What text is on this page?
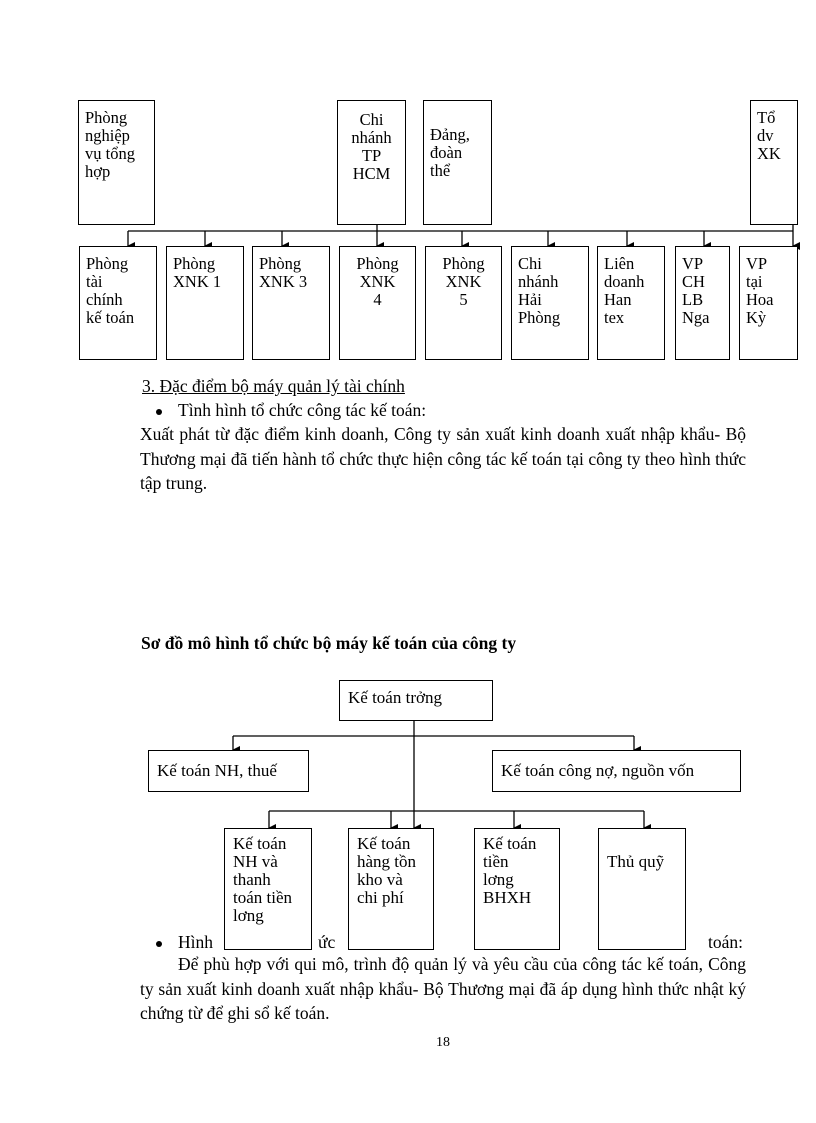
Phòng
nghiệp
vụ tổng
hợp
Chi
nhánh
TP
HCM
Đảng,
đoàn
thể
Tổ
dv
XK
Phòng
tài
chính
kế toán
Phòng
XNK 1
Phòng
XNK 3
Phòng
XNK
4
Phòng
XNK
5
Chi
nhánh
Hải
Phòng
Liên
doanh
Han
tex
VP
CH
LB
Nga
VP
tại
Hoa
Kỳ
3. Đặc điểm bộ máy quản lý tài chính
Tình hình tổ chức công tác kế toán:
Xuất phát từ đặc điểm kinh doanh, Công ty sản xuất kinh doanh xuất nhập khẩu- Bộ Thương mại đã tiến hành tổ chức thực hiện công tác kế toán tại công ty theo hình thức tập trung.
Sơ đồ mô hình tổ chức bộ máy kế toán của công ty
Kế toán trởng
Kế toán NH, thuế	Kế toán công nợ, nguồn vốn
Hình	ức	toán:
Kế toán
NH và
thanh
toán tiền
lơng
Kế toán
hàng tồn
kho và
chi phí
Kế toán
tiền
lơng
BHXH
Thủ quỹ
Để phù hợp với qui mô, trình độ quản lý và yêu cầu của công tác kế toán, Công ty sản xuất kinh doanh xuất nhập khẩu- Bộ Thương mại đã áp dụng hình thức nhật ký chứng từ để ghi sổ kế toán.
18
